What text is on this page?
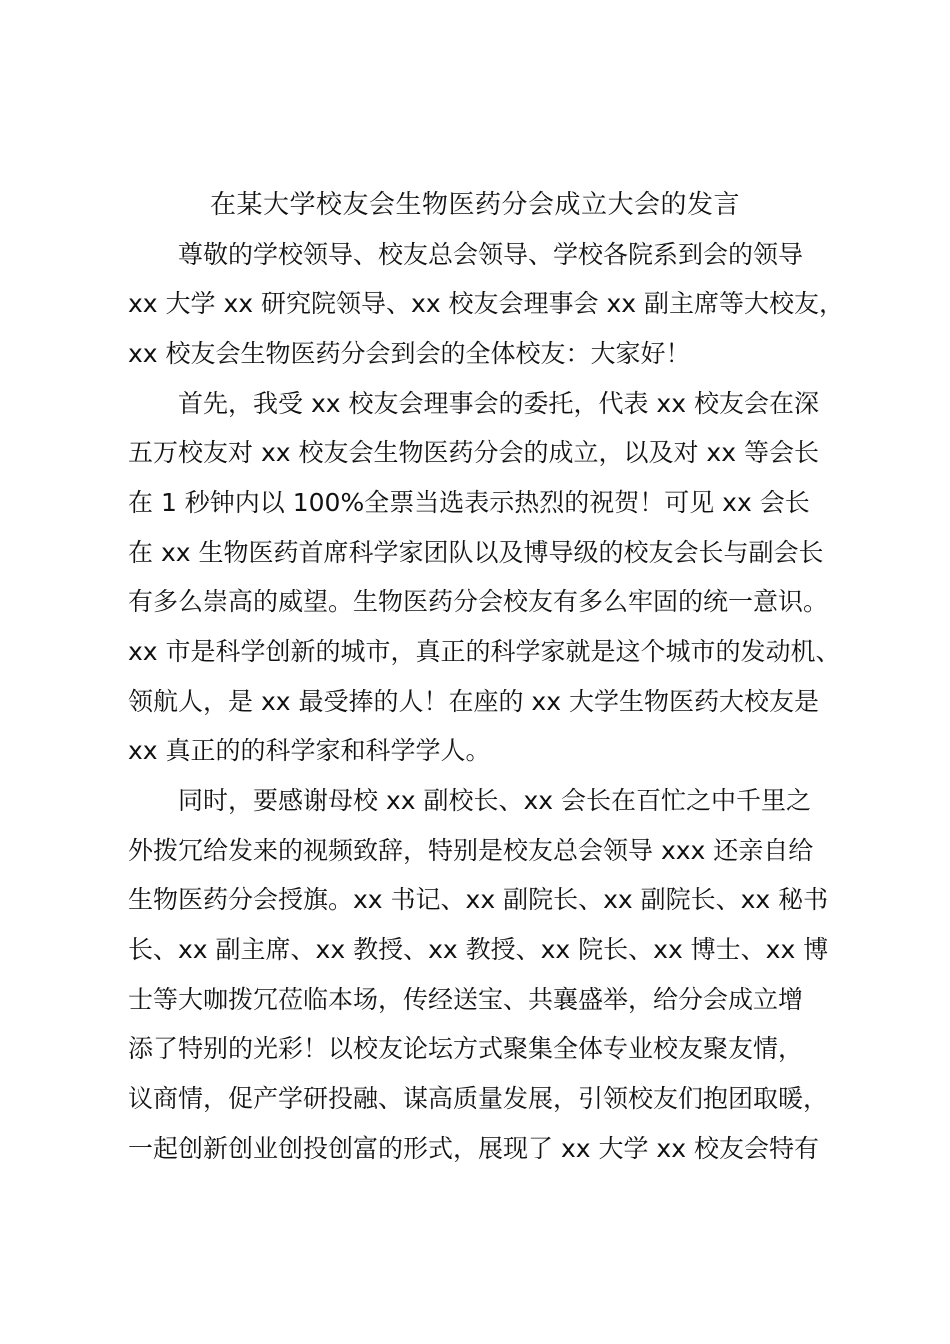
在某大学校友会生物医药分会成立大会的发言
尊敬的学校领导、校友总会领导、学校各院系到会的领导
xx 大学 xx 研究院领导、xx 校友会理事会 xx 副主席等大校友，
xx 校友会生物医药分会到会的全体校友：大家好！
首先，我受 xx 校友会理事会的委托，代表 xx 校友会在深
五万校友对 xx 校友会生物医药分会的成立，以及对 xx 等会长
在 1 秒钟内以 100%全票当选表示热烈的祝贺！可见 xx 会长
在 xx 生物医药首席科学家团队以及博导级的校友会长与副会长
有多么崇高的威望。生物医药分会校友有多么牢固的统一意识。
xx 市是科学创新的城市，真正的科学家就是这个城市的发动机、
领航人，是 xx 最受捧的人！在座的 xx 大学生物医药大校友是
xx 真正的的科学家和科学学人。
同时，要感谢母校 xx 副校长、xx 会长在百忙之中千里之
外拨冗给发来的视频致辞，特别是校友总会领导 xxx 还亲自给
生物医药分会授旗。xx 书记、xx 副院长、xx 副院长、xx 秘书
长、xx 副主席、xx 教授、xx 教授、xx 院长、xx 博士、xx 博
士等大咖拨冗莅临本场，传经送宝、共襄盛举，给分会成立增
添了特别的光彩！以校友论坛方式聚集全体专业校友聚友情，
议商情，促产学研投融、谋高质量发展，引领校友们抱团取暖，
一起创新创业创投创富的形式，展现了 xx 大学 xx 校友会特有
